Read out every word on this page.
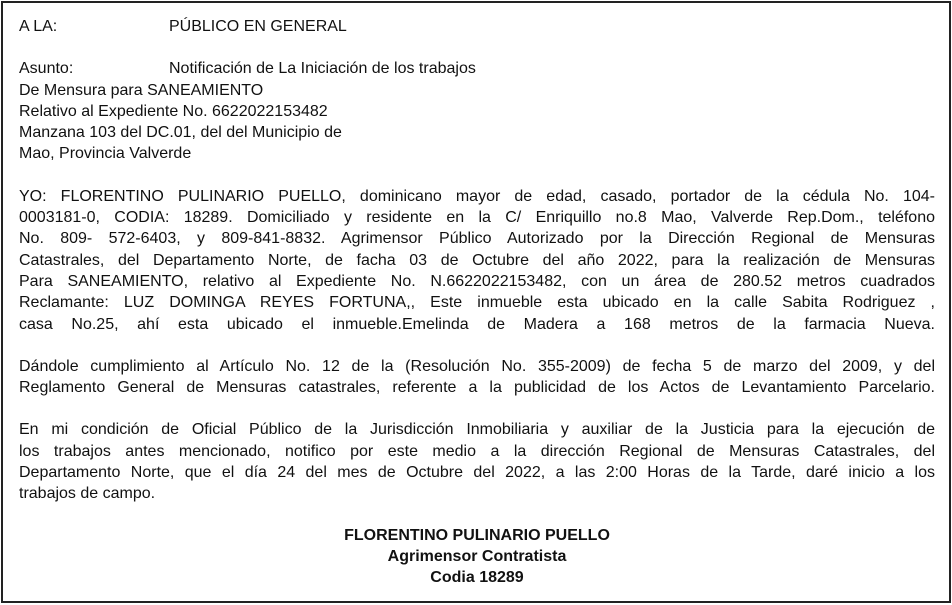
A LA:	PÚBLICO EN GENERAL
Asunto:	Notificación de La Iniciación de los trabajos
De Mensura para SANEAMIENTO
Relativo al Expediente No. 6622022153482
Manzana 103 del DC.01, del del Municipio de
Mao, Provincia Valverde
YO: FLORENTINO PULINARIO PUELLO, dominicano mayor de edad, casado, portador de la cédula No. 104-
0003181-0, CODIA: 18289. Domiciliado y residente en la C/ Enriquillo no.8 Mao, Valverde Rep.Dom., teléfono
No. 809- 572-6403, y 809-841-8832. Agrimensor Público Autorizado por la Dirección Regional de Mensuras
Catastrales, del Departamento Norte, de facha 03 de Octubre del año 2022, para la realización de Mensuras
Para SANEAMIENTO, relativo al Expediente No. N.6622022153482, con un área de 280.52 metros cuadrados
Reclamante: LUZ DOMINGA REYES FORTUNA,, Este inmueble esta ubicado en la calle Sabita Rodriguez ,
casa No.25, ahí esta ubicado el inmueble.Emelinda de Madera a 168 metros de la farmacia Nueva.
Dándole cumplimiento al Artículo No. 12 de la (Resolución No. 355-2009) de fecha 5 de marzo del 2009, y del
Reglamento General de Mensuras catastrales, referente a la publicidad de los Actos de Levantamiento Parcelario.
En mi condición de Oficial Público de la Jurisdicción Inmobiliaria y auxiliar de la Justicia para la ejecución de
los trabajos antes mencionado, notifico por este medio a la dirección Regional de Mensuras Catastrales, del
Departamento Norte, que el día 24 del mes de Octubre del 2022, a las 2:00 Horas de la Tarde, daré inicio a los
trabajos de campo.
FLORENTINO PULINARIO PUELLO
Agrimensor Contratista
Codia 18289
